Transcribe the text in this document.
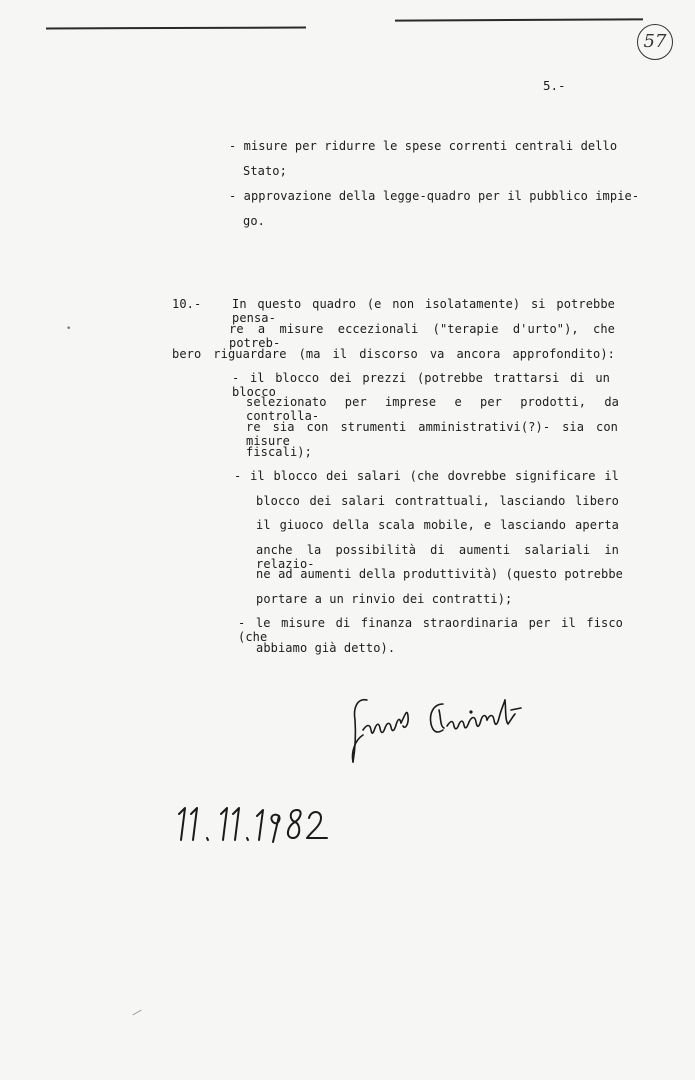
57
5.-
- misure per ridurre le spese correnti centrali dello
Stato;
- approvazione della legge-quadro per il pubblico impie-
go.
10.-	In questo quadro (e non isolatamente) si potrebbe pensa-
re a misure eccezionali ("terapie d'urto"), che potreb-
bero riguardare (ma il discorso va ancora approfondito):
- il blocco dei prezzi (potrebbe trattarsi di un blocco
selezionato per imprese e per prodotti, da controlla-
re sia con strumenti amministrativi(?)- sia con misure
fiscali);
- il blocco dei salari (che dovrebbe significare il
blocco dei salari contrattuali, lasciando libero
il giuoco della scala mobile, e lasciando aperta
anche la possibilità di aumenti salariali in relazio-
ne ad aumenti della produttività) (questo potrebbe
portare a un rinvio dei contratti);
- le misure di finanza straordinaria per il fisco (che
abbiamo già detto).
•
